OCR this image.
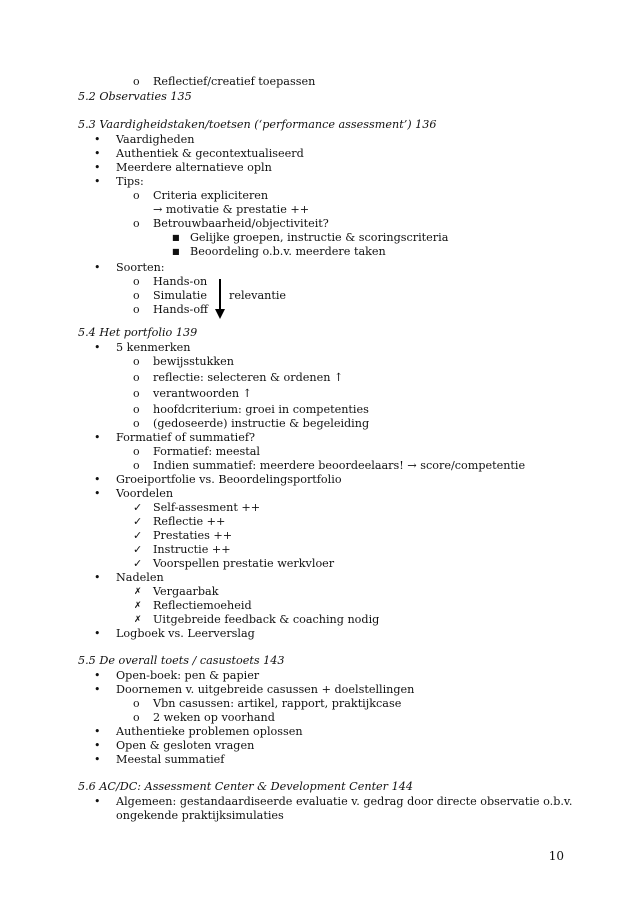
o Reflectief/creatief toepassen
5.2 Observaties 135
5.3 Vaardigheidstaken/toetsen (‘performance assessment’) 136
• Vaardigheden
• Authentiek & gecontextualiseerd
• Meerdere alternatieve opln
• Tips:
o Criteria expliciteren
→ motivatie & prestatie ++
o Betrouwbaarheid/objectiviteit?
■ Gelijke groepen, instructie & scoringscriteria
■ Beoordeling o.b.v. meerdere taken
• Soorten:
o Hands-on
o Simulatie relevantie
o Hands-off
5.4 Het portfolio 139
• 5 kenmerken
o bewijsstukken
o reflectie: selecteren & ordenen ↑
o verantwoorden ↑
o hoofdcriterium: groei in competenties
o (gedoseerde) instructie & begeleiding
• Formatief of summatief?
o Formatief: meestal
o Indien summatief: meerdere beoordeelaars! → score/competentie
• Groeiportfolie vs. Beoordelingsportfolio
• Voordelen
✓ Self-assesment ++
✓ Reflectie ++
✓ Prestaties ++
✓ Instructie ++
✓ Voorspellen prestatie werkvloer
• Nadelen
✗ Vergaarbak
✗ Reflectiemoeheid
✗ Uitgebreide feedback & coaching nodig
• Logboek vs. Leerverslag
5.5 De overall toets / casustoets 143
• Open-boek: pen & papier
• Doornemen v. uitgebreide casussen + doelstellingen
o Vbn casussen: artikel, rapport, praktijkcase
o 2 weken op voorhand
• Authentieke problemen oplossen
• Open & gesloten vragen
• Meestal summatief
5.6 AC/DC: Assessment Center & Development Center 144
• Algemeen: gestandaardiseerde evaluatie v. gedrag door directe observatie o.b.v.
ongekende praktijksimulaties
10
